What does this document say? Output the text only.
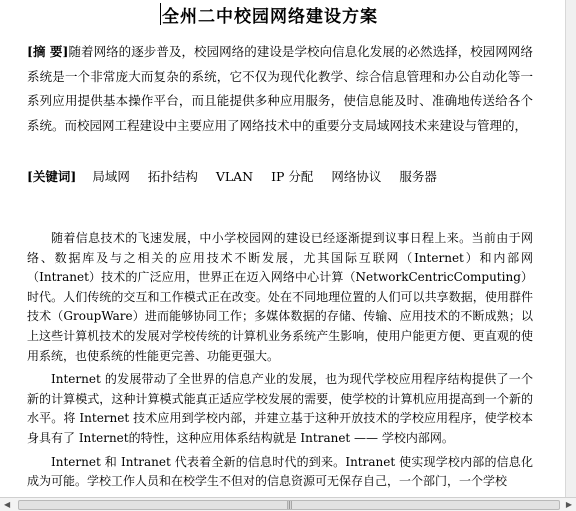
全州二中校园网络建设方案
[摘 要]随着网络的逐步普及，校园网络的建设是学校向信息化发展的必然选择，校园网网络系统是一个非常庞大而复杂的系统，它不仅为现代化教学、综合信息管理和办公自动化等一系列应用提供基本操作平台，而且能提供多种应用服务，使信息能及时、准确地传送给各个系统。而校园网工程建设中主要应用了网络技术中的重要分支局域网技术来建设与管理的，
[关键词] 局域网 拓扑结构 VLAN IP 分配 网络协议 服务器

随着信息技术的飞速发展，中小学校园网的建设已经逐渐提到议事日程上来。当前由于网络、数据库及与之相关的应用技术不断发展，尤其国际互联网（Internet）和内部网（Intranet）技术的广泛应用，世界正在迈入网络中心计算（NetworkCentricComputing）时代。人们传统的交互和工作模式正在改变。处在不同地理位置的人们可以共享数据，使用群件技术（GroupWare）进而能够协同工作；多媒体数据的存储、传输、应用技术的不断成熟；以上这些计算机技术的发展对学校传统的计算机业务系统产生影响，使用户能更方便、更直观的使用系统，也使系统的性能更完善、功能更强大。

Internet 的发展带动了全世界的信息产业的发展，也为现代学校应用程序结构提供了一个新的计算模式，这种计算模式能真正适应学校发展的需要，使学校的计算机应用提高到一个新的水平。将 Internet 技术应用到学校内部，并建立基于这种开放技术的学校应用程序，使学校本身具有了 Internet的特性，这种应用体系结构就是 Intranet —— 学校内部网。

Internet 和 Intranet 代表着全新的信息时代的到来。Intranet 使实现学校内部的信息化成为可能。学校工作人员和在校学生不但对的信息资源可无保存自己，一个部门，一个学校

◀	|||	▶
